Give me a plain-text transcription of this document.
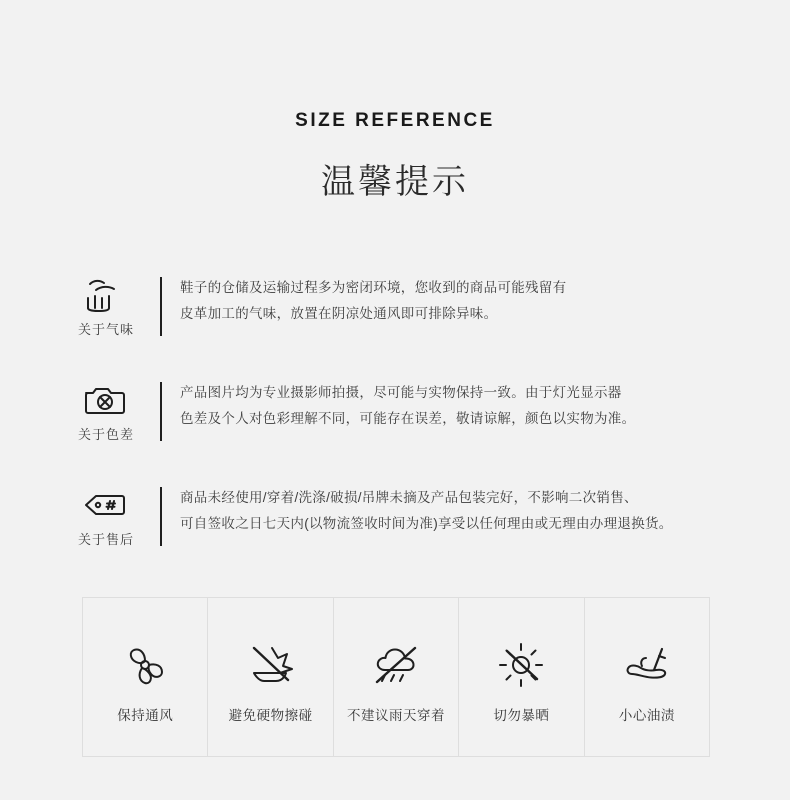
SIZE REFERENCE
温馨提示
关于气味
鞋子的仓储及运输过程多为密闭环境，您收到的商品可能残留有
皮革加工的气味，放置在阴凉处通风即可排除异味。
关于色差
产品图片均为专业摄影师拍摄，尽可能与实物保持一致。由于灯光显示器
色差及个人对色彩理解不同，可能存在误差，敬请谅解，颜色以实物为准。
关于售后
商品未经使用/穿着/洗涤/破损/吊牌未摘及产品包装完好，不影响二次销售、
可自签收之日七天内(以物流签收时间为准)享受以任何理由或无理由办理退换货。
保持通风	避免硬物擦碰	不建议雨天穿着	切勿暴晒	小心油渍
